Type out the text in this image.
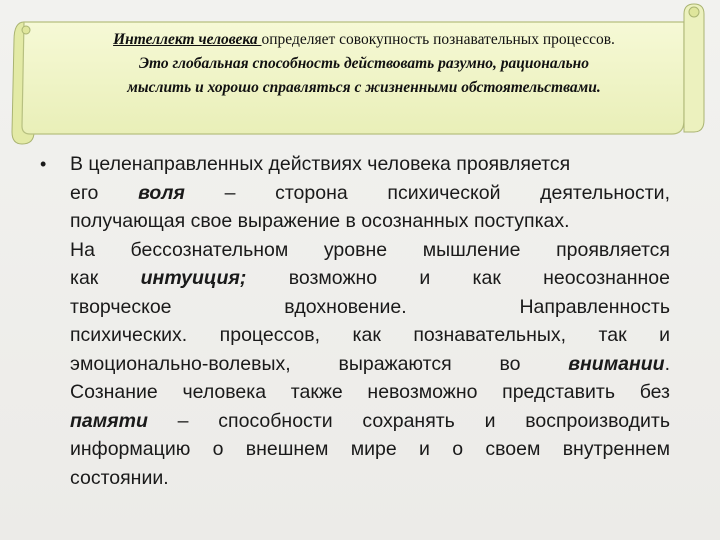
Интеллект человека определяет совокупность познавательных процессов.
Это глобальная способность действовать разумно, рационально
мыслить и хорошо справляться с жизненными обстоятельствами.
• В целенаправленных действиях человека проявляется
его воля – сторона психической деятельности,
получающая свое выражение в осознанных поступках.
На бессознательном уровне мышление проявляется
как интуиция; возможно и как неосознанное
творческое вдохновение. Направленность
психических. процессов, как познавательных, так и
эмоционально-волевых, выражаются во внимании.
Сознание человека также невозможно представить без
памяти – способности сохранять и воспроизводить
информацию о внешнем мире и о своем внутреннем
состоянии.
